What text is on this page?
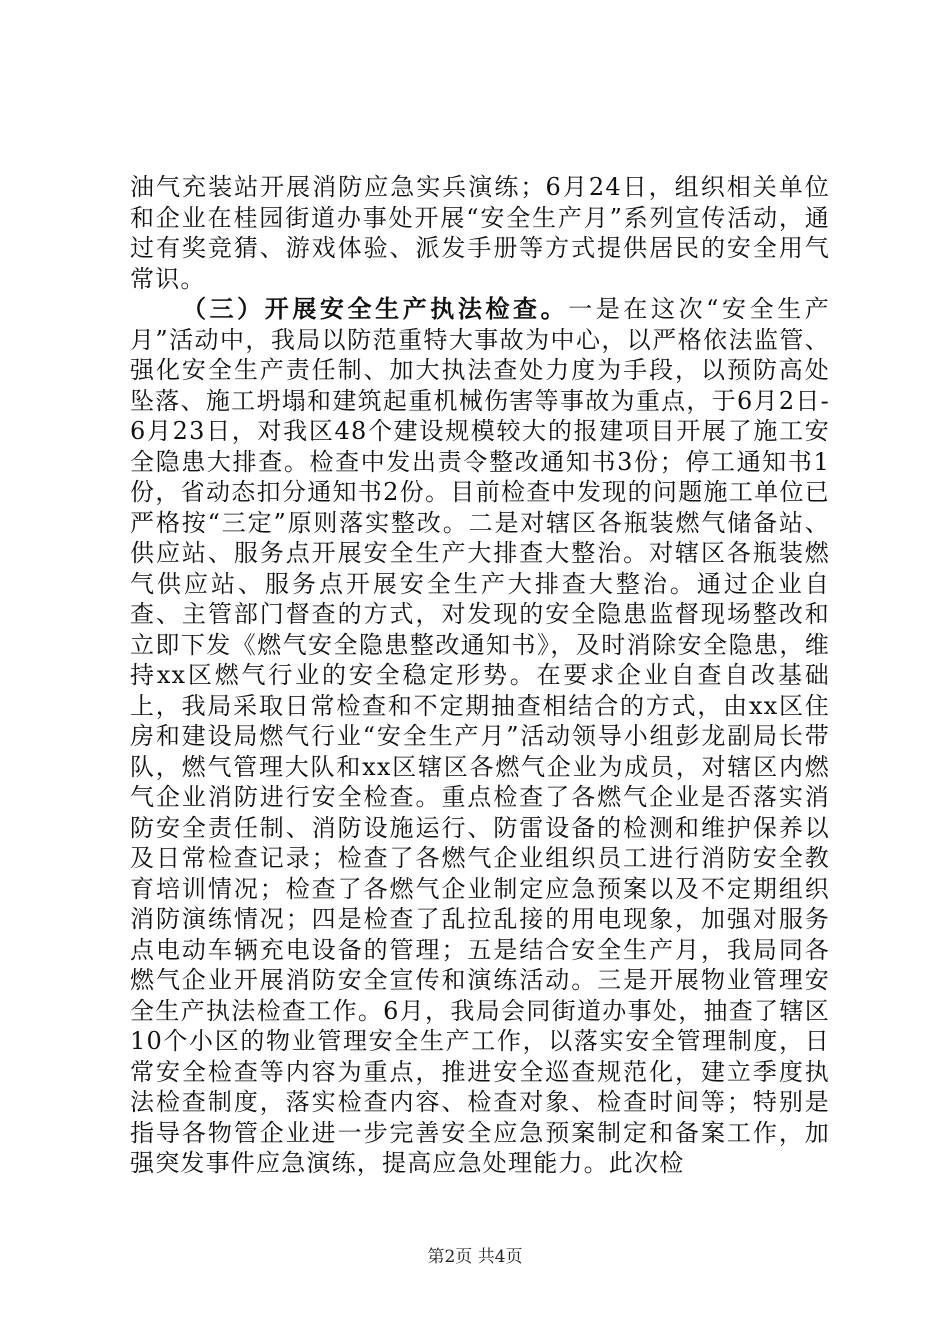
油气充装站开展消防应急实兵演练；6月24日，组织相关单位和企业在桂园街道办事处开展“安全生产月”系列宣传活动，通过有奖竞猜、游戏体验、派发手册等方式提供居民的安全用气常识。

（三）开展安全生产执法检查。一是在这次“安全生产月”活动中，我局以防范重特大事故为中心，以严格依法监管、强化安全生产责任制、加大执法查处力度为手段，以预防高处坠落、施工坍塌和建筑起重机械伤害等事故为重点，于6月2日-6月23日，对我区48个建设规模较大的报建项目开展了施工安全隐患大排查。检查中发出责令整改通知书3份；停工通知书1份，省动态扣分通知书2份。目前检查中发现的问题施工单位已严格按“三定”原则落实整改。二是对辖区各瓶装燃气储备站、供应站、服务点开展安全生产大排查大整治。对辖区各瓶装燃气供应站、服务点开展安全生产大排查大整治。通过企业自查、主管部门督查的方式，对发现的安全隐患监督现场整改和立即下发《燃气安全隐患整改通知书》，及时消除安全隐患，维持xx区燃气行业的安全稳定形势。在要求企业自查自改基础上，我局采取日常检查和不定期抽查相结合的方式，由xx区住房和建设局燃气行业“安全生产月”活动领导小组彭龙副局长带队，燃气管理大队和xx区辖区各燃气企业为成员，对辖区内燃气企业消防进行安全检查。重点检查了各燃气企业是否落实消防安全责任制、消防设施运行、防雷设备的检测和维护保养以及日常检查记录；检查了各燃气企业组织员工进行消防安全教育培训情况；检查了各燃气企业制定应急预案以及不定期组织消防演练情况；四是检查了乱拉乱接的用电现象，加强对服务点电动车辆充电设备的管理；五是结合安全生产月，我局同各燃气企业开展消防安全宣传和演练活动。三是开展物业管理安全生产执法检查工作。6月，我局会同街道办事处，抽查了辖区10个小区的物业管理安全生产工作，以落实安全管理制度，日常安全检查等内容为重点，推进安全巡查规范化，建立季度执法检查制度，落实检查内容、检查对象、检查时间等；特别是指导各物管企业进一步完善安全应急预案制定和备案工作，加强突发事件应急演练，提高应急处理能力。此次检

第2页 共4页
